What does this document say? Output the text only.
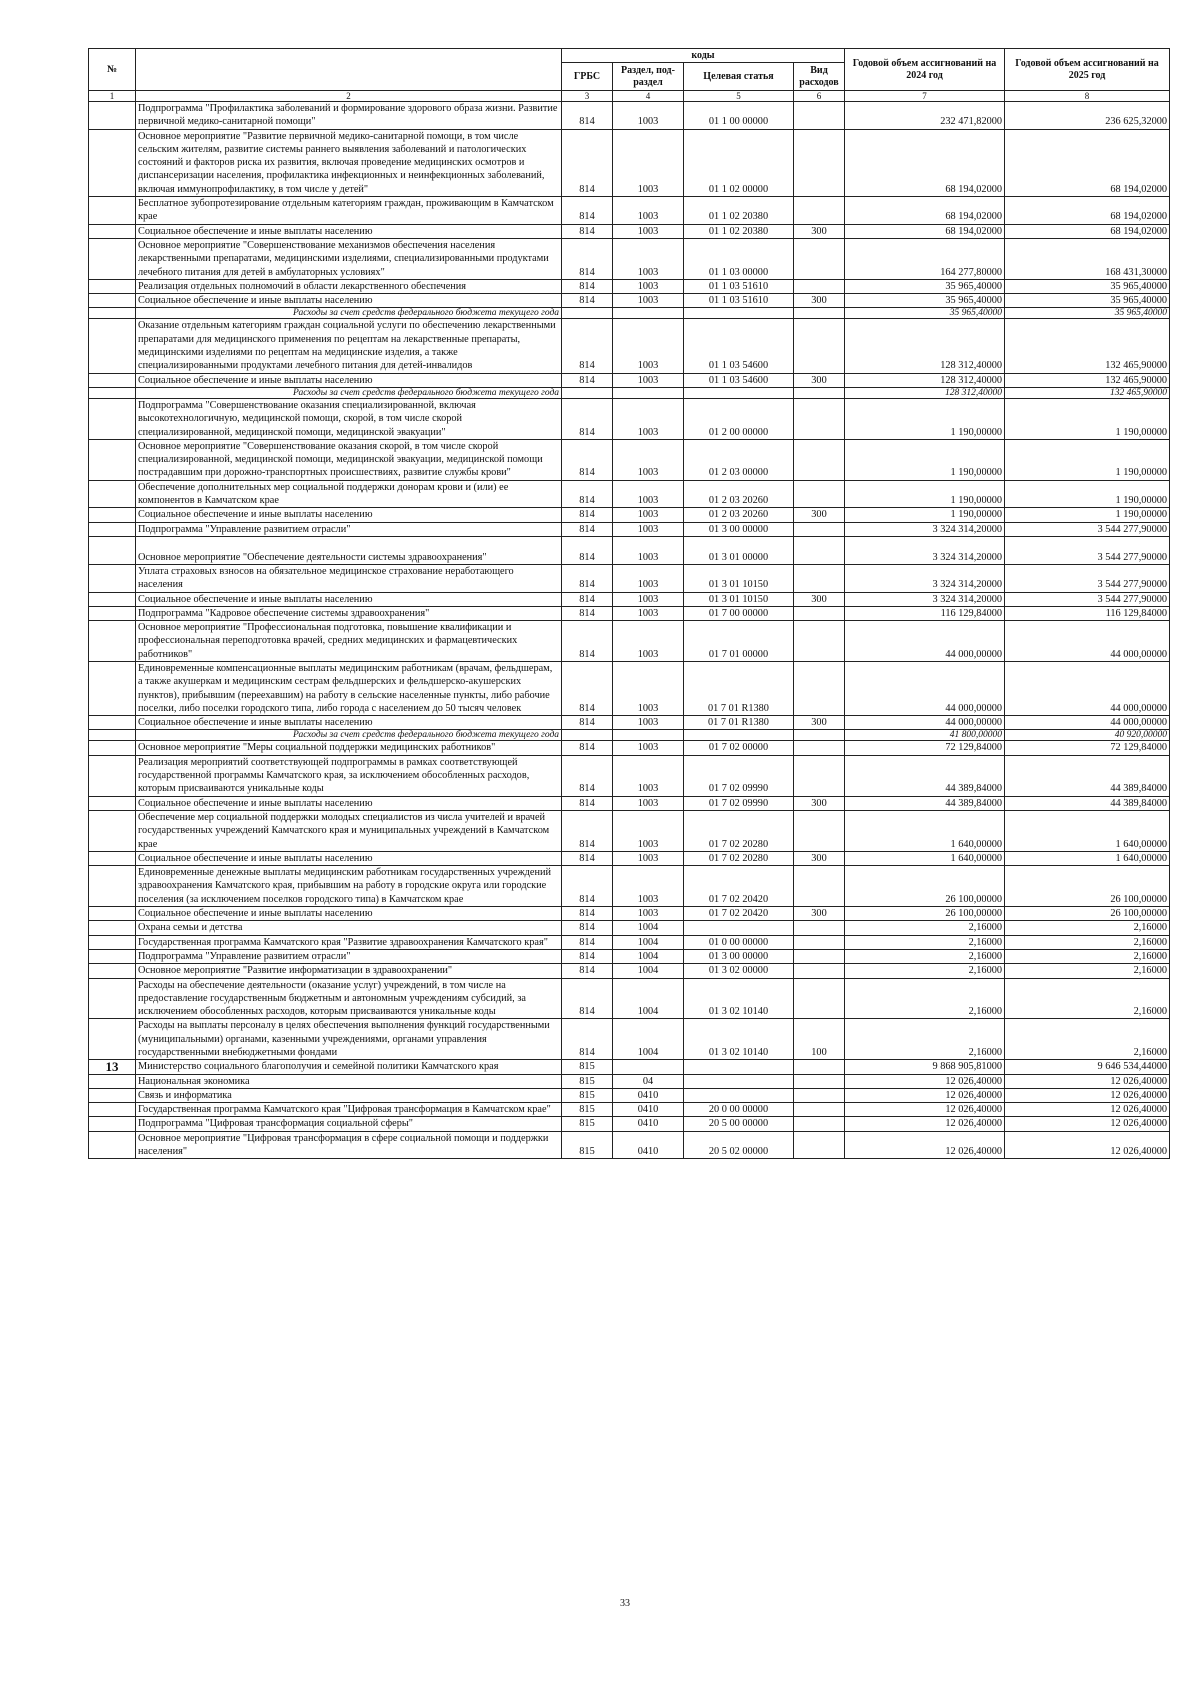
№		коды				Годовой объем ассигнований на 2024 год	Годовой объем ассигнований на 2025 год
		ГРБС	Раздел, под-раздел	Целевая статья	Вид расходов		
1	2	3	4	5	6	7	8
	Подпрограмма "Профилактика заболеваний и формирование здорового образа жизни. Развитие первичной медико-санитарной помощи"	814	1003	01 1 00 00000		232 471,82000	236 625,32000
	Основное мероприятие "Развитие первичной медико-санитарной помощи, в том числе сельским жителям, развитие системы раннего выявления заболеваний и патологических состояний и факторов риска их развития, включая проведение медицинских осмотров и диспансеризации населения, профилактика инфекционных и неинфекционных заболеваний, включая иммунопрофилактику, в том числе у детей"	814	1003	01 1 02 00000		68 194,02000	68 194,02000
	Бесплатное зубопротезирование отдельным категориям граждан, проживающим в Камчатском крае	814	1003	01 1 02 20380		68 194,02000	68 194,02000
	Социальное обеспечение и иные выплаты населению	814	1003	01 1 02 20380	300	68 194,02000	68 194,02000
	Основное мероприятие "Совершенствование механизмов обеспечения населения лекарственными препаратами, медицинскими изделиями, специализированными продуктами лечебного питания для детей в амбулаторных условиях"	814	1003	01 1 03 00000		164 277,80000	168 431,30000
	Реализация отдельных полномочий в области лекарственного обеспечения	814	1003	01 1 03 51610		35 965,40000	35 965,40000
	Социальное обеспечение и иные выплаты населению	814	1003	01 1 03 51610	300	35 965,40000	35 965,40000
	Расходы за счет средств федерального бюджета текущего года					35 965,40000	35 965,40000
	Оказание отдельным категориям граждан социальной услуги по обеспечению лекарственными препаратами для медицинского применения по рецептам на лекарственные препараты, медицинскими изделиями по рецептам на медицинские изделия, а также специализированными продуктами лечебного питания для детей-инвалидов	814	1003	01 1 03 54600		128 312,40000	132 465,90000
	Социальное обеспечение и иные выплаты населению	814	1003	01 1 03 54600	300	128 312,40000	132 465,90000
	Расходы за счет средств федерального бюджета текущего года					128 312,40000	132 465,90000
	Подпрограмма "Совершенствование оказания специализированной, включая высокотехнологичную, медицинской помощи, скорой, в том числе скорой специализированной, медицинской помощи, медицинской эвакуации"	814	1003	01 2 00 00000		1 190,00000	1 190,00000
	Основное мероприятие "Совершенствование оказания скорой, в том числе скорой специализированной, медицинской помощи, медицинской эвакуации, медицинской помощи пострадавшим при дорожно-транспортных происшествиях, развитие службы крови"	814	1003	01 2 03 00000		1 190,00000	1 190,00000
	Обеспечение дополнительных мер социальной поддержки донорам крови и (или) ее компонентов в Камчатском крае	814	1003	01 2 03 20260		1 190,00000	1 190,00000
	Социальное обеспечение и иные выплаты населению	814	1003	01 2 03 20260	300	1 190,00000	1 190,00000
	Подпрограмма "Управление развитием отрасли"	814	1003	01 3 00 00000		3 324 314,20000	3 544 277,90000
	Основное мероприятие "Обеспечение деятельности системы здравоохранения"	814	1003	01 3 01 00000		3 324 314,20000	3 544 277,90000
	Уплата страховых взносов на обязательное медицинское страхование неработающего населения	814	1003	01 3 01 10150		3 324 314,20000	3 544 277,90000
	Социальное обеспечение и иные выплаты населению	814	1003	01 3 01 10150	300	3 324 314,20000	3 544 277,90000
	Подпрограмма "Кадровое обеспечение системы здравоохранения"	814	1003	01 7 00 00000		116 129,84000	116 129,84000
	Основное мероприятие "Профессиональная подготовка, повышение квалификации и профессиональная переподготовка врачей, средних медицинских и фармацевтических работников"	814	1003	01 7 01 00000		44 000,00000	44 000,00000
	Единовременные компенсационные выплаты медицинским работникам (врачам, фельдшерам, а также акушеркам и медицинским сестрам фельдшерских и фельдшерско-акушерских пунктов), прибывшим (переехавшим) на работу в сельские населенные пункты, либо рабочие поселки, либо поселки городского типа, либо города с населением до 50 тысяч человек	814	1003	01 7 01 R1380		44 000,00000	44 000,00000
	Социальное обеспечение и иные выплаты населению	814	1003	01 7 01 R1380	300	44 000,00000	44 000,00000
	Расходы за счет средств федерального бюджета текущего года					41 800,00000	40 920,00000
	Основное мероприятие "Меры социальной поддержки медицинских работников"	814	1003	01 7 02 00000		72 129,84000	72 129,84000
	Реализация мероприятий соответствующей подпрограммы в рамках соответствующей государственной программы Камчатского края, за исключением обособленных расходов, которым присваиваются уникальные коды	814	1003	01 7 02 09990		44 389,84000	44 389,84000
	Социальное обеспечение и иные выплаты населению	814	1003	01 7 02 09990	300	44 389,84000	44 389,84000
	Обеспечение мер социальной поддержки молодых специалистов из числа учителей и врачей государственных учреждений Камчатского края и муниципальных учреждений в Камчатском крае	814	1003	01 7 02 20280		1 640,00000	1 640,00000
	Социальное обеспечение и иные выплаты населению	814	1003	01 7 02 20280	300	1 640,00000	1 640,00000
	Единовременные денежные выплаты медицинским работникам государственных учреждений здравоохранения Камчатского края, прибывшим на работу в городские округа или городские поселения (за исключением поселков городского типа) в Камчатском крае	814	1003	01 7 02 20420		26 100,00000	26 100,00000
	Социальное обеспечение и иные выплаты населению	814	1003	01 7 02 20420	300	26 100,00000	26 100,00000
	Охрана семьи и детства	814	1004			2,16000	2,16000
	Государственная программа Камчатского края "Развитие здравоохранения Камчатского края"	814	1004	01 0 00 00000		2,16000	2,16000
	Подпрограмма "Управление развитием отрасли"	814	1004	01 3 00 00000		2,16000	2,16000
	Основное мероприятие "Развитие информатизации в здравоохранении"	814	1004	01 3 02 00000		2,16000	2,16000
	Расходы на обеспечение деятельности (оказание услуг) учреждений, в том числе на предоставление государственным бюджетным и автономным учреждениям субсидий, за исключением обособленных расходов, которым присваиваются уникальные коды	814	1004	01 3 02 10140		2,16000	2,16000
	Расходы на выплаты персоналу в целях обеспечения выполнения функций государственными (муниципальными) органами, казенными учреждениями, органами управления государственными внебюджетными фондами	814	1004	01 3 02 10140	100	2,16000	2,16000
13	Министерство социального благополучия и семейной политики Камчатского края	815				9 868 905,81000	9 646 534,44000
	Национальная экономика	815	04			12 026,40000	12 026,40000
	Связь и информатика	815	0410			12 026,40000	12 026,40000
	Государственная программа Камчатского края "Цифровая трансформация в Камчатском крае"	815	0410	20 0 00 00000		12 026,40000	12 026,40000
	Подпрограмма "Цифровая трансформация социальной сферы"	815	0410	20 5 00 00000		12 026,40000	12 026,40000
	Основное мероприятие "Цифровая трансформация в сфере социальной помощи и поддержки населения"	815	0410	20 5 02 00000		12 026,40000	12 026,40000
33
